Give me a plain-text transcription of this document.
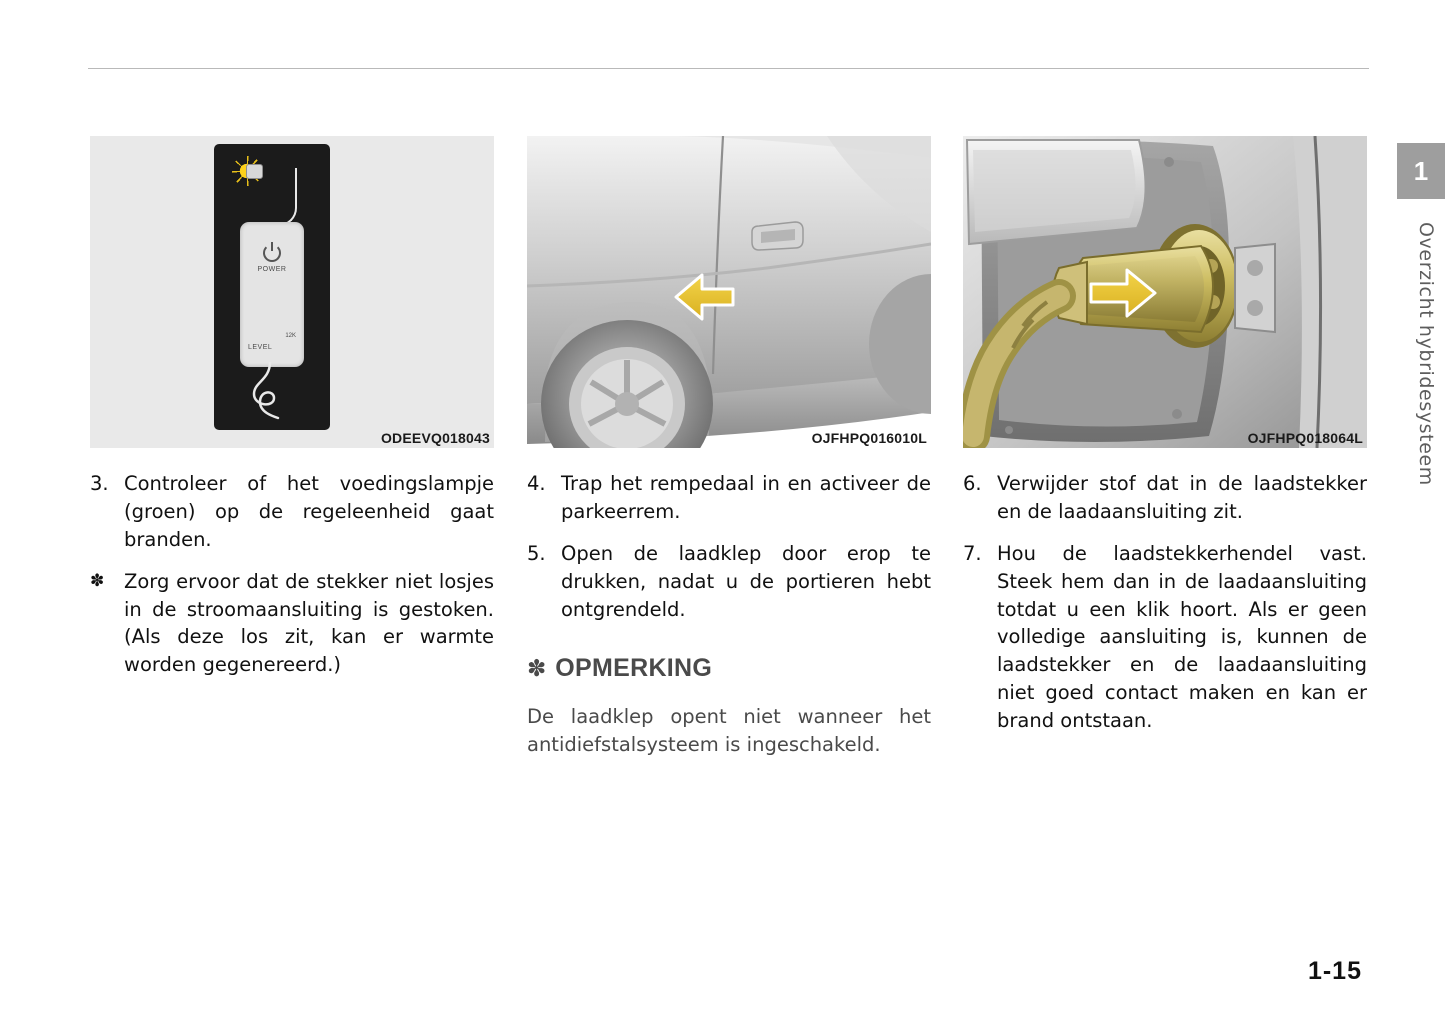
1
Overzicht hybridesysteem
1-15
POWER
12K
LEVEL
ODEEVQ018043
3. Controleer of het voedingslampje (groen) op de regeleenheid gaat branden.
✽	Zorg ervoor dat de stekker niet losjes in de stroomaansluiting is gestoken. (Als deze los zit, kan er warmte worden gegenereerd.)
OJFHPQ016010L
4. Trap het rempedaal in en activeer de parkeerrem.
5. Open de laadklep door erop te drukken, nadat u de portieren hebt ontgrendeld.
✽ OPMERKING
De laadklep opent niet wanneer het antidiefstalsysteem is ingeschakeld.
OJFHPQ018064L
6. Verwijder stof dat in de laadstekker en de laadaansluiting zit.
7. Hou de laadstekkerhendel vast. Steek hem dan in de laadaansluiting totdat u een klik hoort. Als er geen volledige aansluiting is, kunnen de laadstekker en de laadaansluiting niet goed contact maken en kan er brand ontstaan.
